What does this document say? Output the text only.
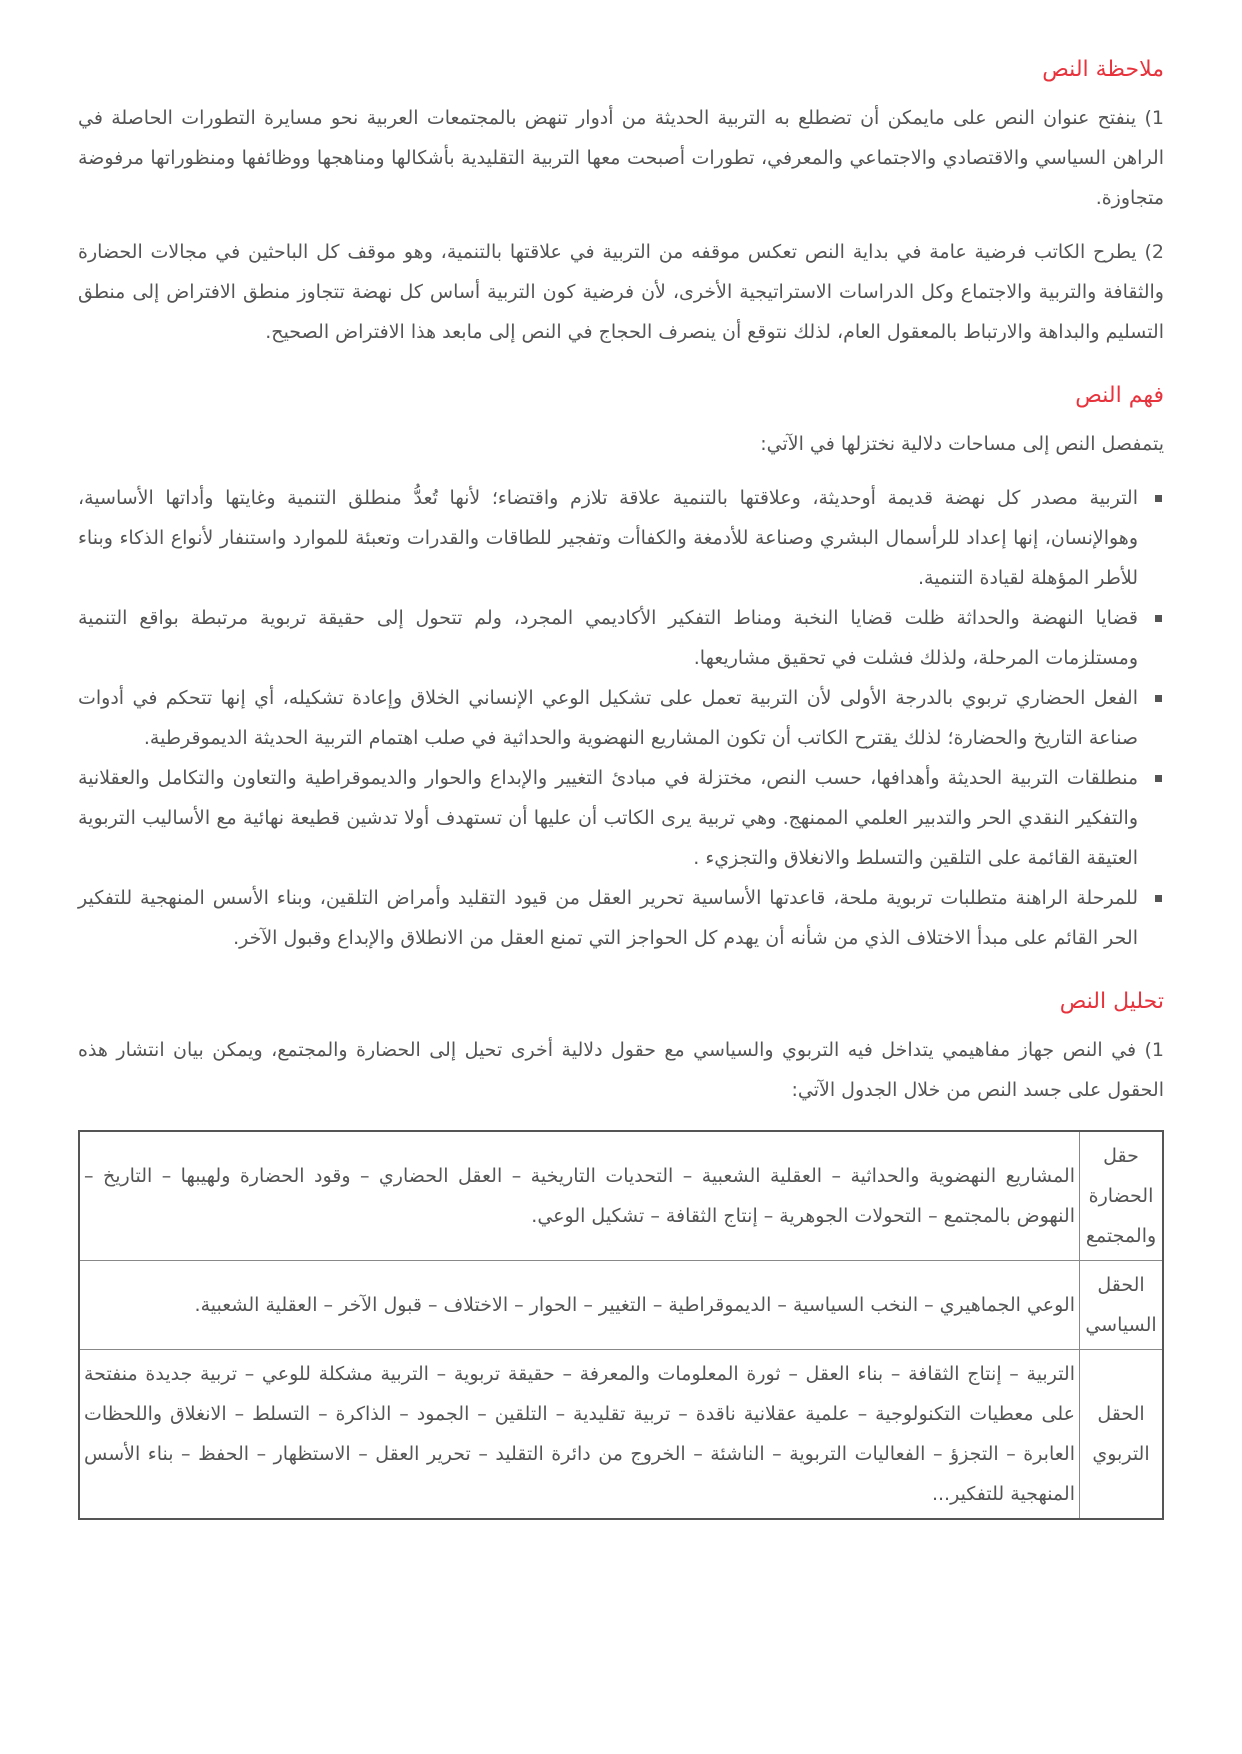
ملاحظة النص

1) ينفتح عنوان النص على مايمكن أن تضطلع به التربية الحديثة من أدوار تنهض بالمجتمعات العربية نحو مسايرة التطورات الحاصلة في الراهن السياسي والاقتصادي والاجتماعي والمعرفي، تطورات أصبحت معها التربية التقليدية بأشكالها ومناهجها ووظائفها ومنظوراتها مرفوضة متجاوزة.

2) يطرح الكاتب فرضية عامة في بداية النص تعكس موقفه من التربية في علاقتها بالتنمية، وهو موقف كل الباحثين في مجالات الحضارة والثقافة والتربية والاجتماع وكل الدراسات الاستراتيجية الأخرى، لأن فرضية كون التربية أساس كل نهضة تتجاوز منطق الافتراض إلى منطق التسليم والبداهة والارتباط بالمعقول العام، لذلك نتوقع أن ينصرف الحجاج في النص إلى مابعد هذا الافتراض الصحيح.

فهم النص

يتمفصل النص إلى مساحات دلالية نختزلها في الآتي:

التربية مصدر كل نهضة قديمة أوحديثة، وعلاقتها بالتنمية علاقة تلازم واقتضاء؛ لأنها تُعدُّ منطلق التنمية وغايتها وأداتها الأساسية، وهوالإنسان، إنها إعداد للرأسمال البشري وصناعة للأدمغة والكفاأت وتفجير للطاقات والقدرات وتعبئة للموارد واستنفار لأنواع الذكاء وبناء للأطر المؤهلة لقيادة التنمية.
قضايا النهضة والحداثة ظلت قضايا النخبة ومناط التفكير الأكاديمي المجرد، ولم تتحول إلى حقيقة تربوية مرتبطة بواقع التنمية ومستلزمات المرحلة، ولذلك فشلت في تحقيق مشاريعها.
الفعل الحضاري تربوي بالدرجة الأولى لأن التربية تعمل على تشكيل الوعي الإنساني الخلاق وإعادة تشكيله، أي إنها تتحكم في أدوات صناعة التاريخ والحضارة؛ لذلك يقترح الكاتب أن تكون المشاريع النهضوية والحداثية في صلب اهتمام التربية الحديثة الديموقرطية.
منطلقات التربية الحديثة وأهدافها، حسب النص، مختزلة في مبادئ التغيير والإبداع والحوار والديموقراطية والتعاون والتكامل والعقلانية والتفكير النقدي الحر والتدبير العلمي الممنهج. وهي تربية يرى الكاتب أن عليها أن تستهدف أولا تدشين قطيعة نهائية مع الأساليب التربوية العتيقة القائمة على التلقين والتسلط والانغلاق والتجزيء .
للمرحلة الراهنة متطلبات تربوية ملحة، قاعدتها الأساسية تحرير العقل من قيود التقليد وأمراض التلقين، وبناء الأسس المنهجية للتفكير الحر القائم على مبدأ الاختلاف الذي من شأنه أن يهدم كل الحواجز التي تمنع العقل من الانطلاق والإبداع وقبول الآخر.
تحليل النص

1) في النص جهاز مفاهيمي يتداخل فيه التربوي والسياسي مع حقول دلالية أخرى تحيل إلى الحضارة والمجتمع، ويمكن بيان انتشار هذه الحقول على جسد النص من خلال الجدول الآتي:

حقل الحضارة والمجتمع	المشاريع النهضوية والحداثية – العقلية الشعبية – التحديات التاريخية – العقل الحضاري – وقود الحضارة ولهيبها – التاريخ – النهوض بالمجتمع – التحولات الجوهرية – إنتاج الثقافة – تشكيل الوعي.
الحقل السياسي	الوعي الجماهيري – النخب السياسية – الديموقراطية – التغيير – الحوار – الاختلاف – قبول الآخر – العقلية الشعبية.
الحقل التربوي	التربية – إنتاج الثقافة – بناء العقل – ثورة المعلومات والمعرفة – حقيقة تربوية – التربية مشكلة للوعي – تربية جديدة منفتحة على معطيات التكنولوجية – علمية عقلانية ناقدة – تربية تقليدية – التلقين – الجمود – الذاكرة – التسلط – الانغلاق واللحظات العابرة – التجزؤ – الفعاليات التربوية – الناشئة – الخروج من دائرة التقليد – تحرير العقل – الاستظهار – الحفظ – بناء الأسس المنهجية للتفكير...
